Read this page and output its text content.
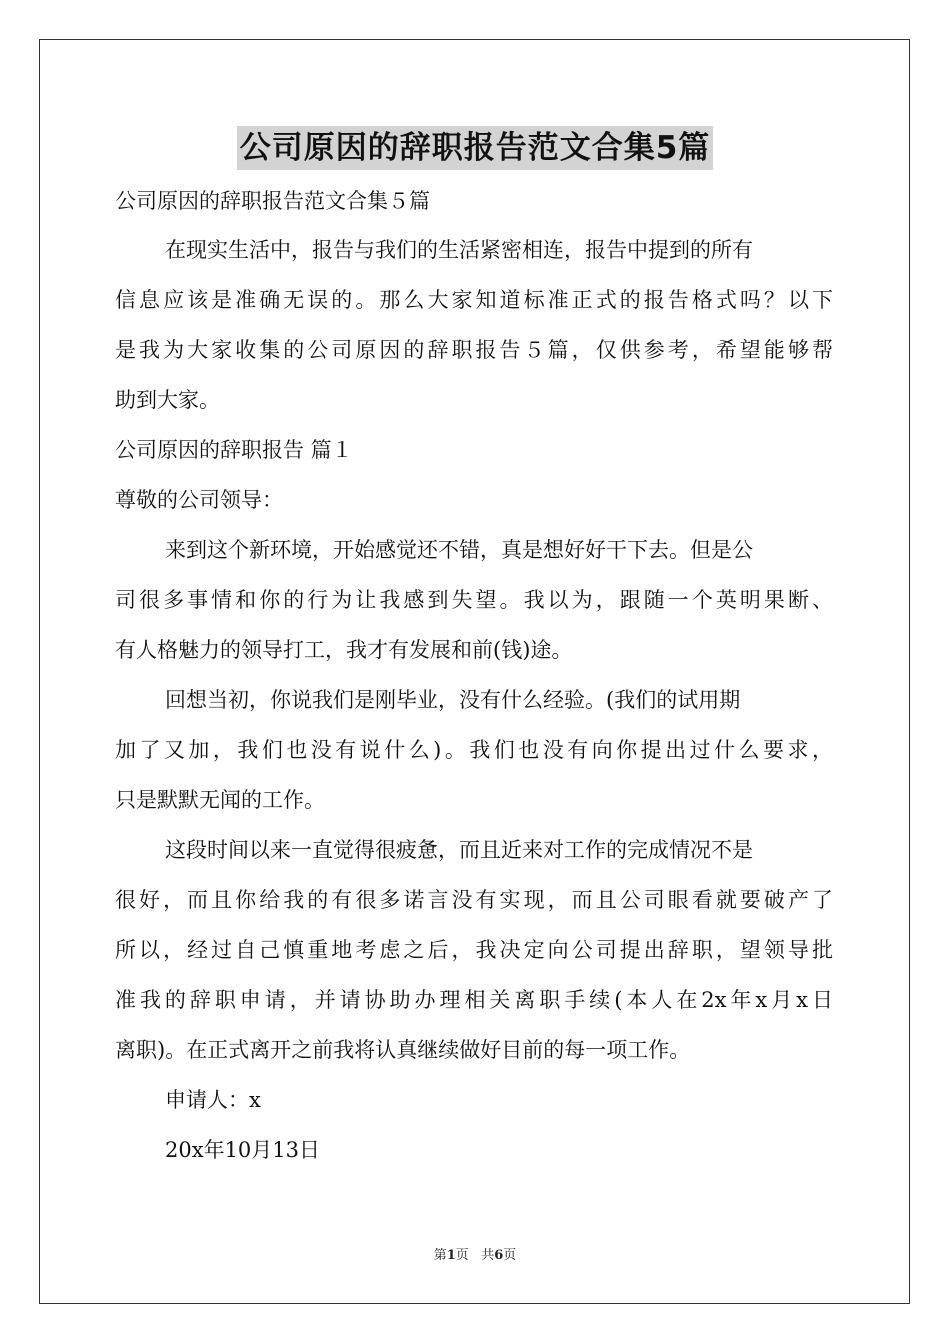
公司原因的辞职报告范文合集5篇
公司原因的辞职报告范文合集５篇
在现实生活中，报告与我们的生活紧密相连，报告中提到的所有
信息应该是准确无误的。那么大家知道标准正式的报告格式吗？以下
是我为大家收集的公司原因的辞职报告５篇，仅供参考，希望能够帮
助到大家。
公司原因的辞职报告 篇１
尊敬的公司领导：
来到这个新环境，开始感觉还不错，真是想好好干下去。但是公
司很多事情和你的行为让我感到失望。我以为，跟随一个英明果断、
有人格魅力的领导打工，我才有发展和前(钱)途。
回想当初，你说我们是刚毕业，没有什么经验。(我们的试用期
加了又加，我们也没有说什么)。我们也没有向你提出过什么要求，
只是默默无闻的工作。
这段时间以来一直觉得很疲惫，而且近来对工作的完成情况不是
很好，而且你给我的有很多诺言没有实现，而且公司眼看就要破产了
所以，经过自己慎重地考虑之后，我决定向公司提出辞职，望领导批
准我的辞职申请，并请协助办理相关离职手续(本人在2x年x月x日
离职)。在正式离开之前我将认真继续做好目前的每一项工作。
申请人：x
20x年10月13日
第1页 共6页
